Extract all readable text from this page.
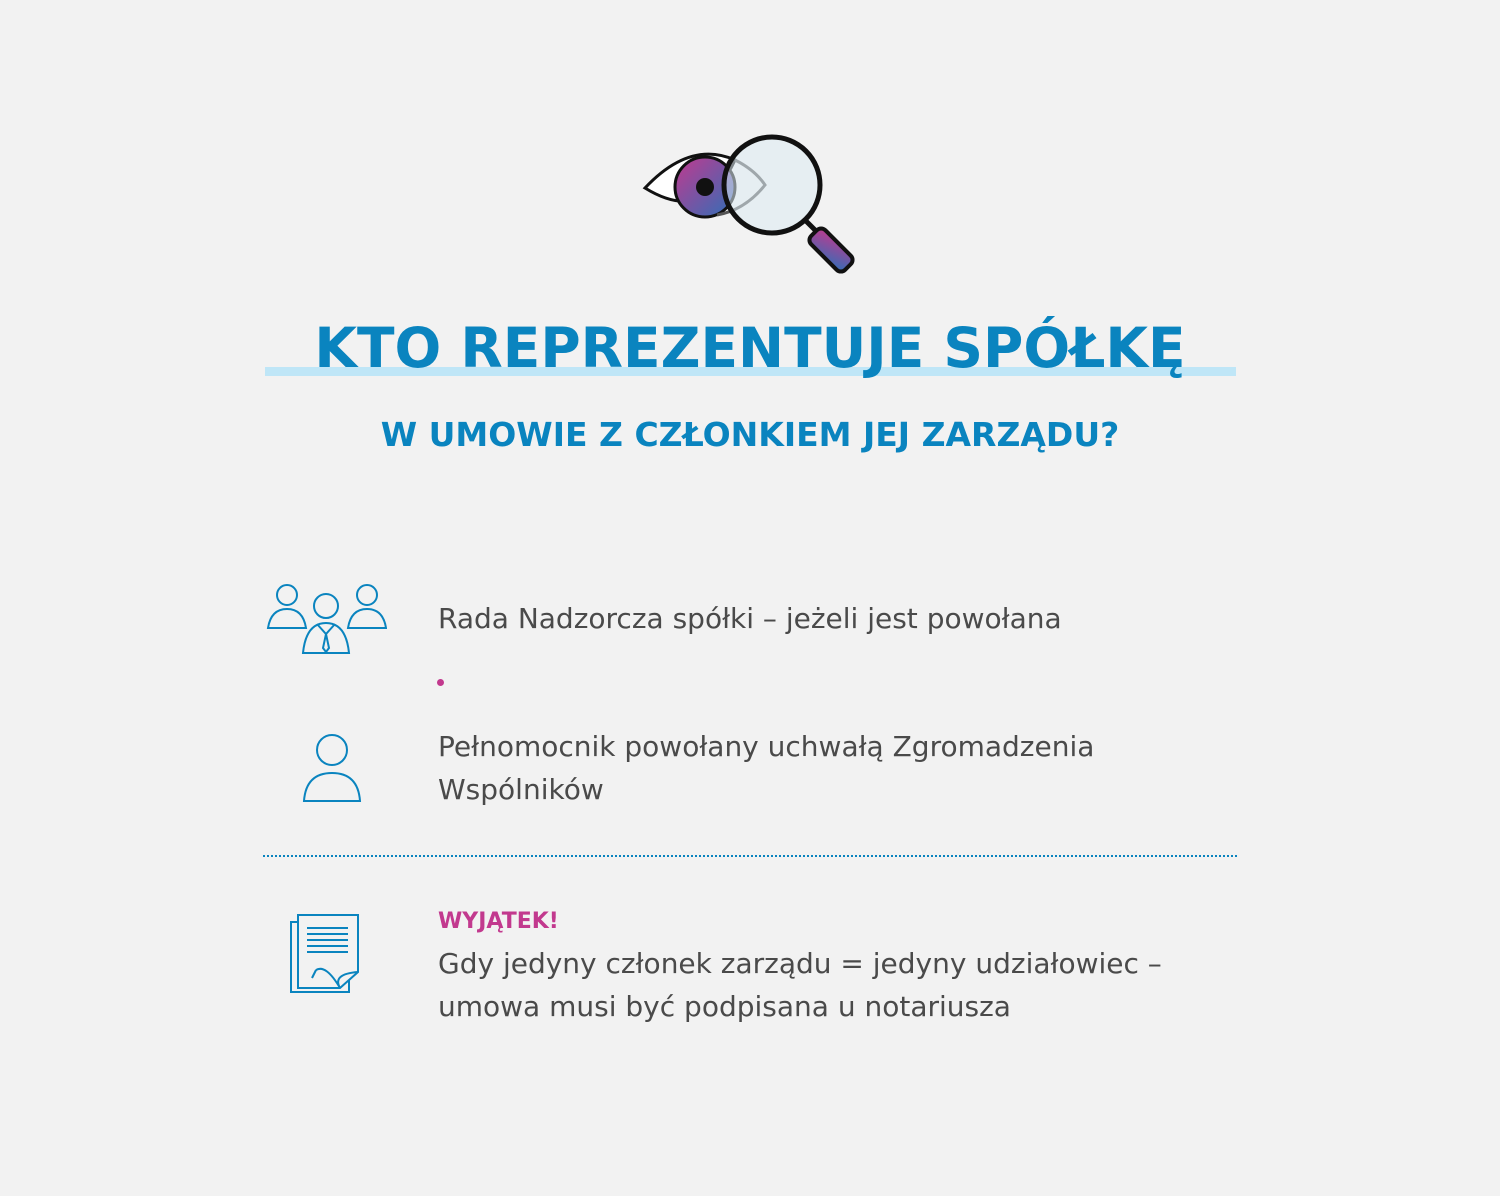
KTO REPREZENTUJE SPÓŁKĘ
W UMOWIE Z CZŁONKIEM JEJ ZARZĄDU?
Rada Nadzorcza spółki – jeżeli jest powołana
Pełnomocnik powołany uchwałą Zgromadzenia
Wspólników
WYJĄTEK!
Gdy jedyny członek zarządu = jedyny udziałowiec –
umowa musi być podpisana u notariusza
